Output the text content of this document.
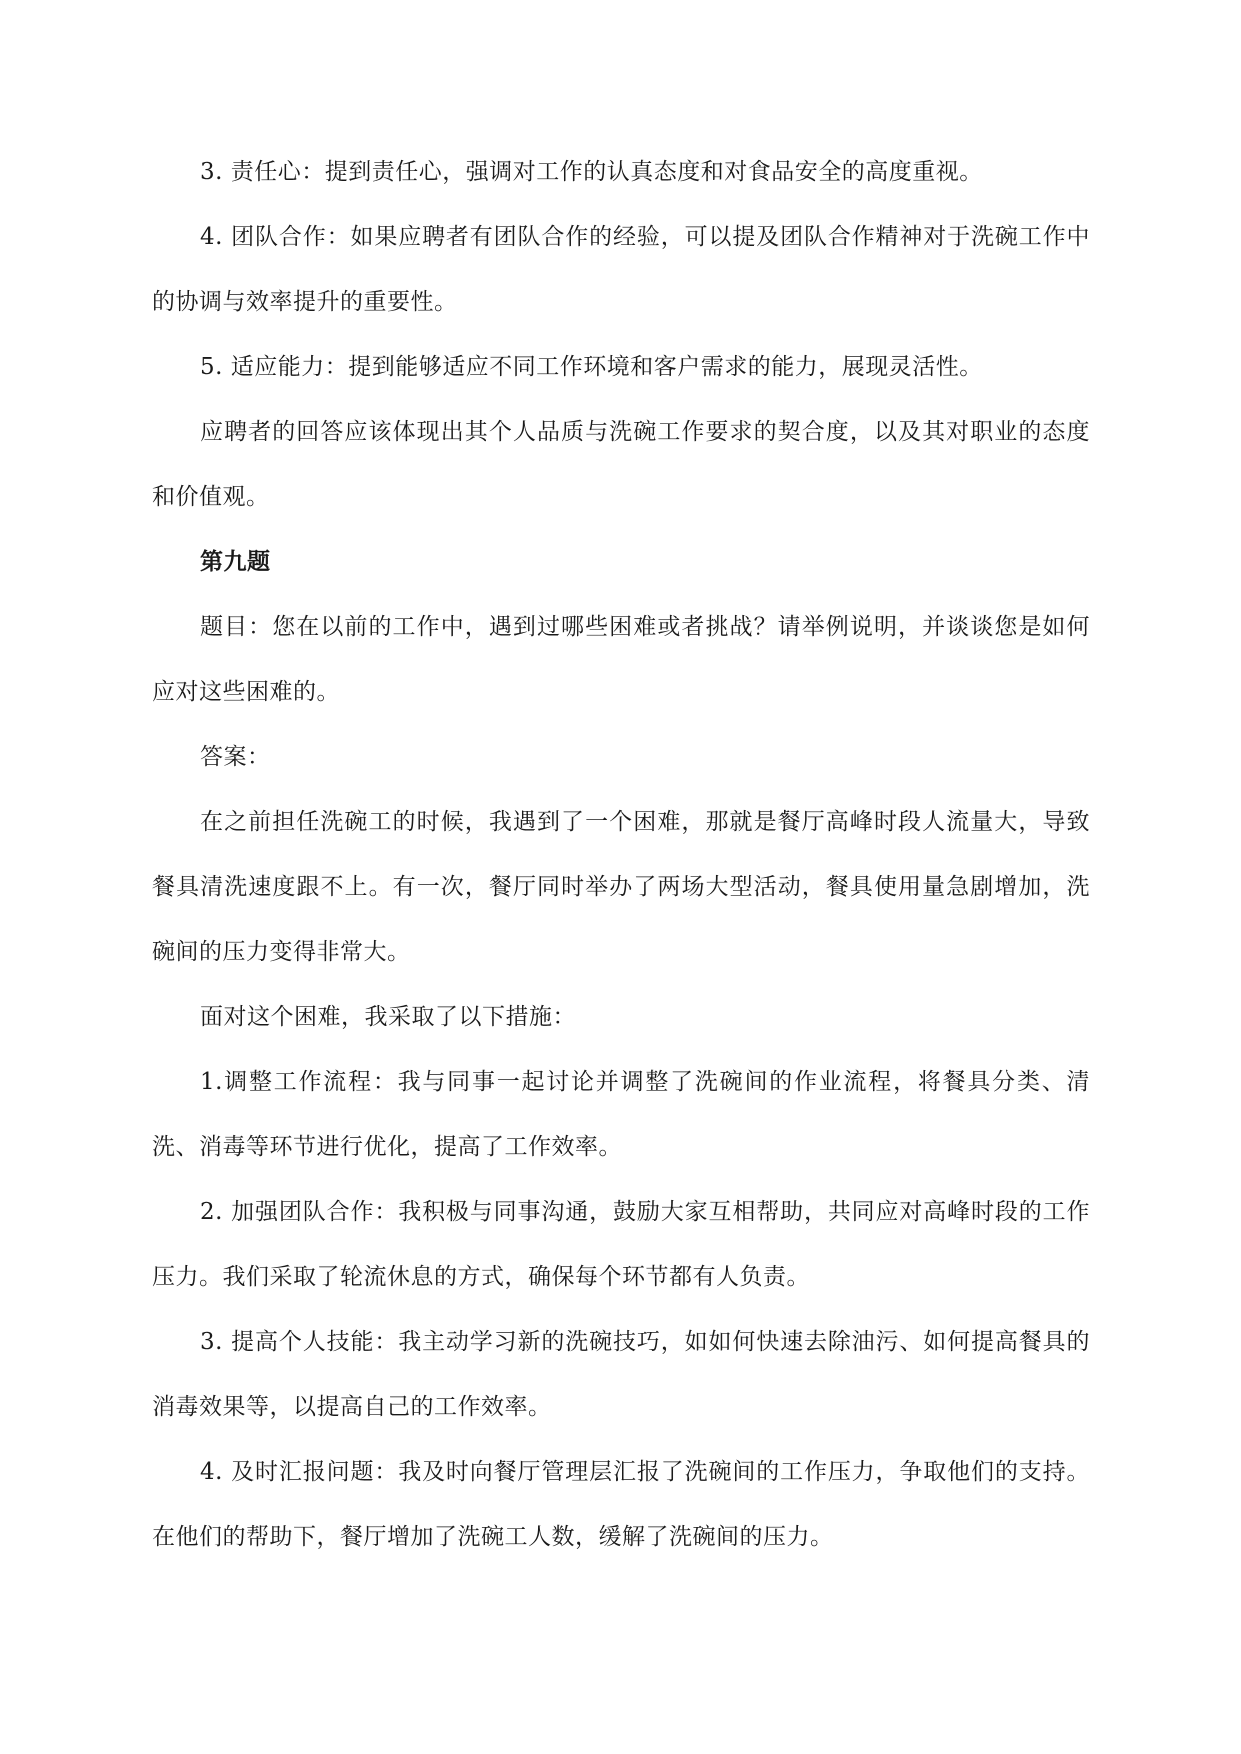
3. 责任心：提到责任心，强调对工作的认真态度和对食品安全的高度重视。

4. 团队合作：如果应聘者有团队合作的经验，可以提及团队合作精神对于洗碗工作中的协调与效率提升的重要性。

5. 适应能力：提到能够适应不同工作环境和客户需求的能力，展现灵活性。

应聘者的回答应该体现出其个人品质与洗碗工作要求的契合度，以及其对职业的态度和价值观。

第九题

题目：您在以前的工作中，遇到过哪些困难或者挑战？请举例说明，并谈谈您是如何应对这些困难的。

答案：

在之前担任洗碗工的时候，我遇到了一个困难，那就是餐厅高峰时段人流量大，导致餐具清洗速度跟不上。有一次，餐厅同时举办了两场大型活动，餐具使用量急剧增加，洗碗间的压力变得非常大。

面对这个困难，我采取了以下措施：

1.调整工作流程：我与同事一起讨论并调整了洗碗间的作业流程，将餐具分类、清洗、消毒等环节进行优化，提高了工作效率。

2. 加强团队合作：我积极与同事沟通，鼓励大家互相帮助，共同应对高峰时段的工作压力。我们采取了轮流休息的方式，确保每个环节都有人负责。

3. 提高个人技能：我主动学习新的洗碗技巧，如如何快速去除油污、如何提高餐具的消毒效果等，以提高自己的工作效率。

4. 及时汇报问题：我及时向餐厅管理层汇报了洗碗间的工作压力，争取他们的支持。在他们的帮助下，餐厅增加了洗碗工人数，缓解了洗碗间的压力。
